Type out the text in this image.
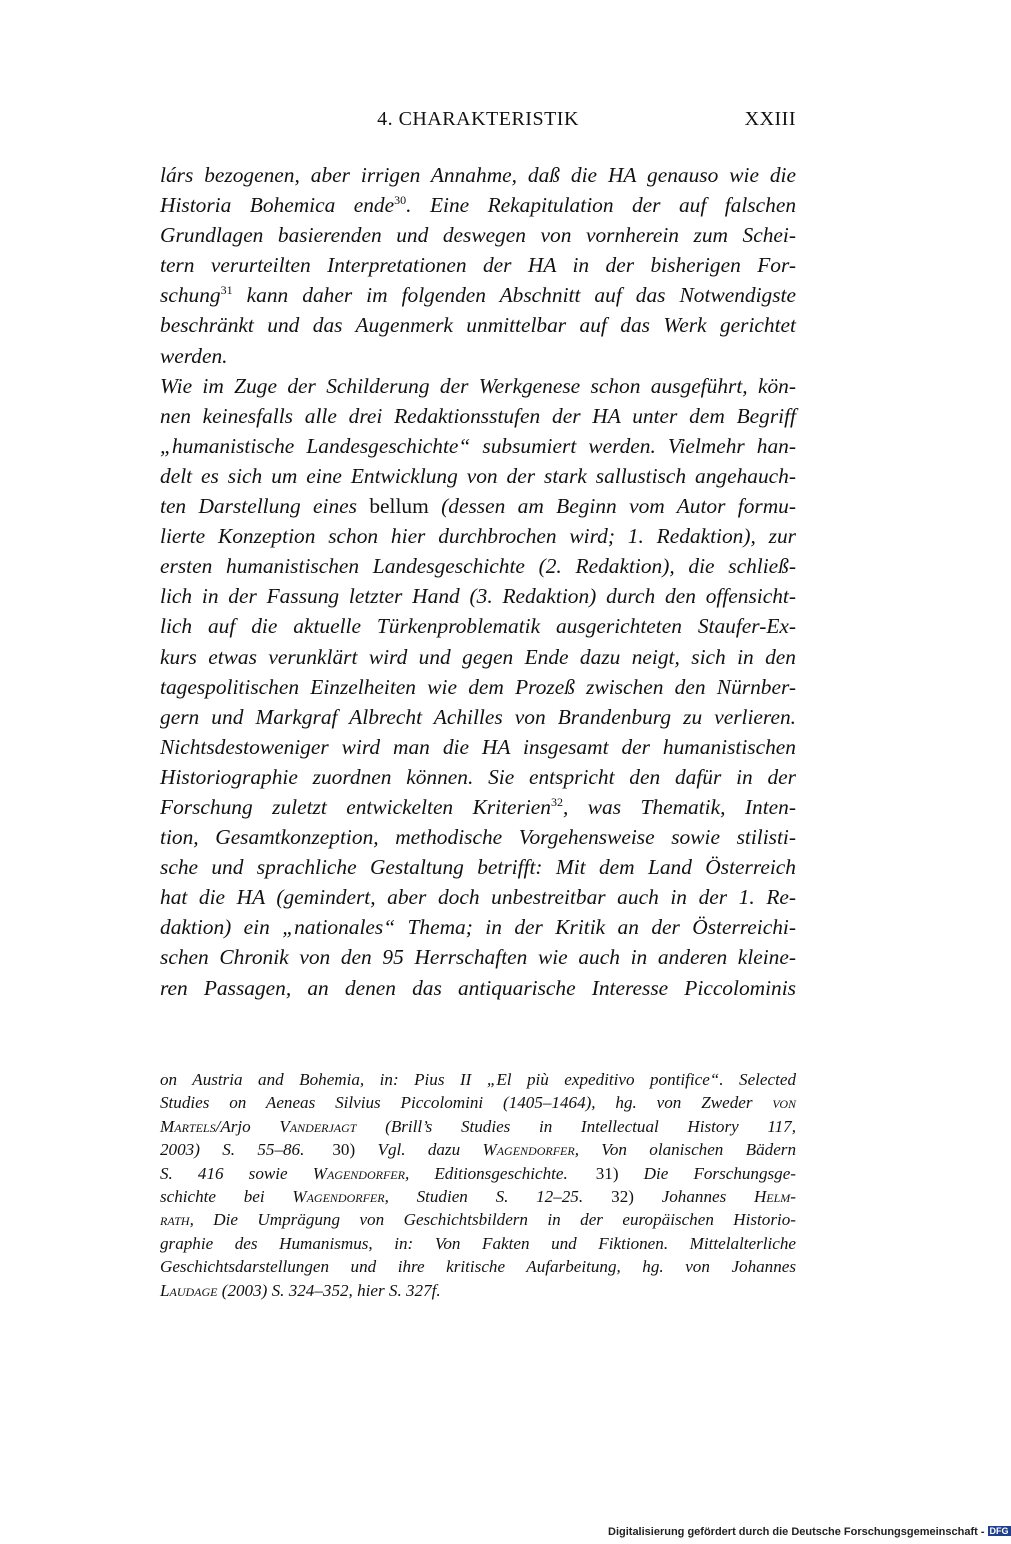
4. CHARAKTERISTIK	XXIII
lárs bezogenen, aber irrigen Annahme, daß die HA genauso wie die
Historia Bohemica ende$^{30}$. Eine Rekapitulation der auf falschen
Grundlagen basierenden und deswegen von vornherein zum Schei-
tern verurteilten Interpretationen der HA in der bisherigen For-
schung$^{31}$ kann daher im folgenden Abschnitt auf das Notwendigste
beschränkt und das Augenmerk unmittelbar auf das Werk gerichtet
werden.
Wie im Zuge der Schilderung der Werkgenese schon ausgeführt, kön-
nen keinesfalls alle drei Redaktionsstufen der HA unter dem Begriff
„humanistische Landesgeschichte“ subsumiert werden. Vielmehr han-
delt es sich um eine Entwicklung von der stark sallustisch angehauch-
ten Darstellung eines bellum (dessen am Beginn vom Autor formu-
lierte Konzeption schon hier durchbrochen wird; 1. Redaktion), zur
ersten humanistischen Landesgeschichte (2. Redaktion), die schließ-
lich in der Fassung letzter Hand (3. Redaktion) durch den offensicht-
lich auf die aktuelle Türkenproblematik ausgerichteten Staufer-Ex-
kurs etwas verunklärt wird und gegen Ende dazu neigt, sich in den
tagespolitischen Einzelheiten wie dem Prozeß zwischen den Nürnber-
gern und Markgraf Albrecht Achilles von Brandenburg zu verlieren.
Nichtsdestoweniger wird man die HA insgesamt der humanistischen
Historiographie zuordnen können. Sie entspricht den dafür in der
Forschung zuletzt entwickelten Kriterien$^{32}$, was Thematik, Inten-
tion, Gesamtkonzeption, methodische Vorgehensweise sowie stilisti-
sche und sprachliche Gestaltung betrifft: Mit dem Land Österreich
hat die HA (gemindert, aber doch unbestreitbar auch in der 1. Re-
daktion) ein „nationales“ Thema; in der Kritik an der Österreichi-
schen Chronik von den 95 Herrschaften wie auch in anderen kleine-
ren Passagen, an denen das antiquarische Interesse Piccolominis
on Austria and Bohemia, in: Pius II „El più expeditivo pontifice“. Selected
Studies on Aeneas Silvius Piccolomini (1405–1464), hg. von Zweder von
Martels/Arjo Vanderjagt (Brill’s Studies in Intellectual History 117,
2003) S. 55–86. 30) Vgl. dazu Wagendorfer, Von olanischen Bädern
S. 416 sowie Wagendorfer, Editionsgeschichte. 31) Die Forschungsge-
schichte bei Wagendorfer, Studien S. 12–25. 32) Johannes Helm-
rath, Die Umprägung von Geschichtsbildern in der europäischen Historio-
graphie des Humanismus, in: Von Fakten und Fiktionen. Mittelalterliche
Geschichtsdarstellungen und ihre kritische Aufarbeitung, hg. von Johannes
Laudage (2003) S. 324–352, hier S. 327f.
Digitalisierung gefördert durch die Deutsche Forschungsgemeinschaft - DFG
